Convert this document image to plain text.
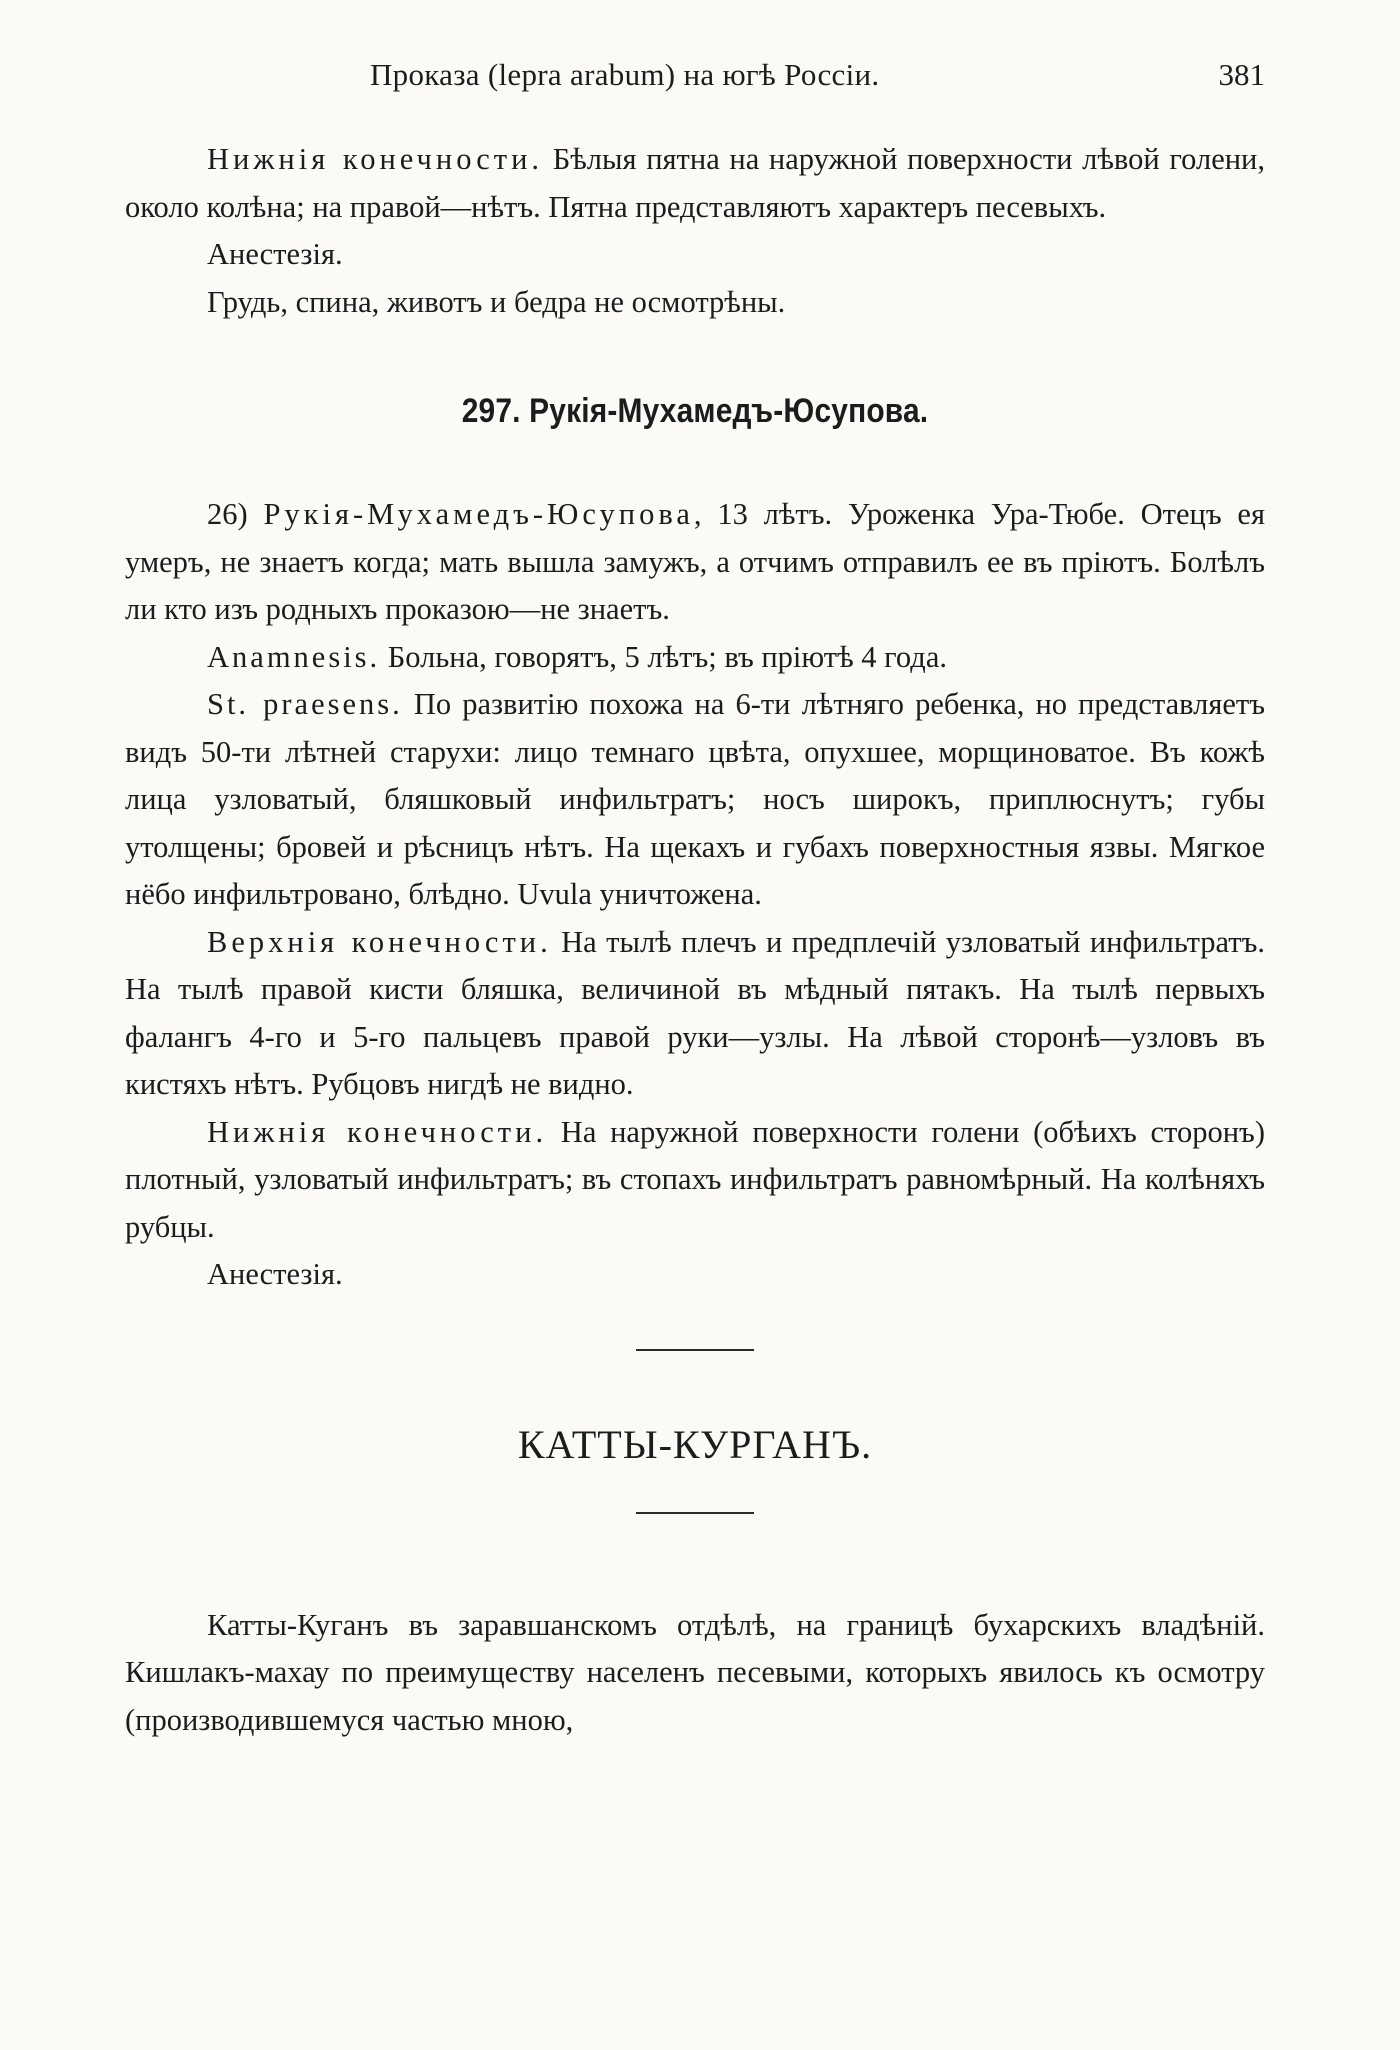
Проказа (lepra arabum) на югѣ Россіи.	381

Нижнія конечности. Бѣлыя пятна на наружной поверхности лѣвой голени, около колѣна; на правой—нѣтъ. Пятна представляютъ характеръ песевыхъ.

Анестезія.

Грудь, спина, животъ и бедра не осмотрѣны.

297. Рукія-Мухамедъ-Юсупова.

26) Рукія-Мухамедъ-Юсупова, 13 лѣтъ. Уроженка Ура-Тюбе. Отецъ ея умеръ, не знаетъ когда; мать вышла замужъ, а отчимъ отправилъ ее въ пріютъ. Болѣлъ ли кто изъ родныхъ проказою—не знаетъ.

Anamnesis. Больна, говорятъ, 5 лѣтъ; въ пріютѣ 4 года.

St. praesens. По развитію похожа на 6-ти лѣтняго ребенка, но представляетъ видъ 50-ти лѣтней старухи: лицо темнаго цвѣта, опухшее, морщиноватое. Въ кожѣ лица узловатый, бляшковый инфильтратъ; носъ широкъ, приплюснутъ; губы утолщены; бровей и рѣсницъ нѣтъ. На щекахъ и губахъ поверхностныя язвы. Мягкое нёбо инфильтровано, блѣдно. Uvula уничтожена.

Верхнія конечности. На тылѣ плечъ и предплечій узловатый инфильтратъ. На тылѣ правой кисти бляшка, величиной въ мѣдный пятакъ. На тылѣ первыхъ фалангъ 4-го и 5-го пальцевъ правой руки—узлы. На лѣвой сторонѣ—узловъ въ кистяхъ нѣтъ. Рубцовъ нигдѣ не видно.

Нижнія конечности. На наружной поверхности голени (обѣихъ сторонъ) плотный, узловатый инфильтратъ; въ стопахъ инфильтратъ равномѣрный. На колѣняхъ рубцы.

Анестезія.

КАТТЫ-КУРГАНЪ.

Катты-Куганъ въ заравшанскомъ отдѣлѣ, на границѣ бухарскихъ владѣній. Кишлакъ-махау по преимуществу населенъ песевыми, которыхъ явилось къ осмотру (производившемуся частью мною,
